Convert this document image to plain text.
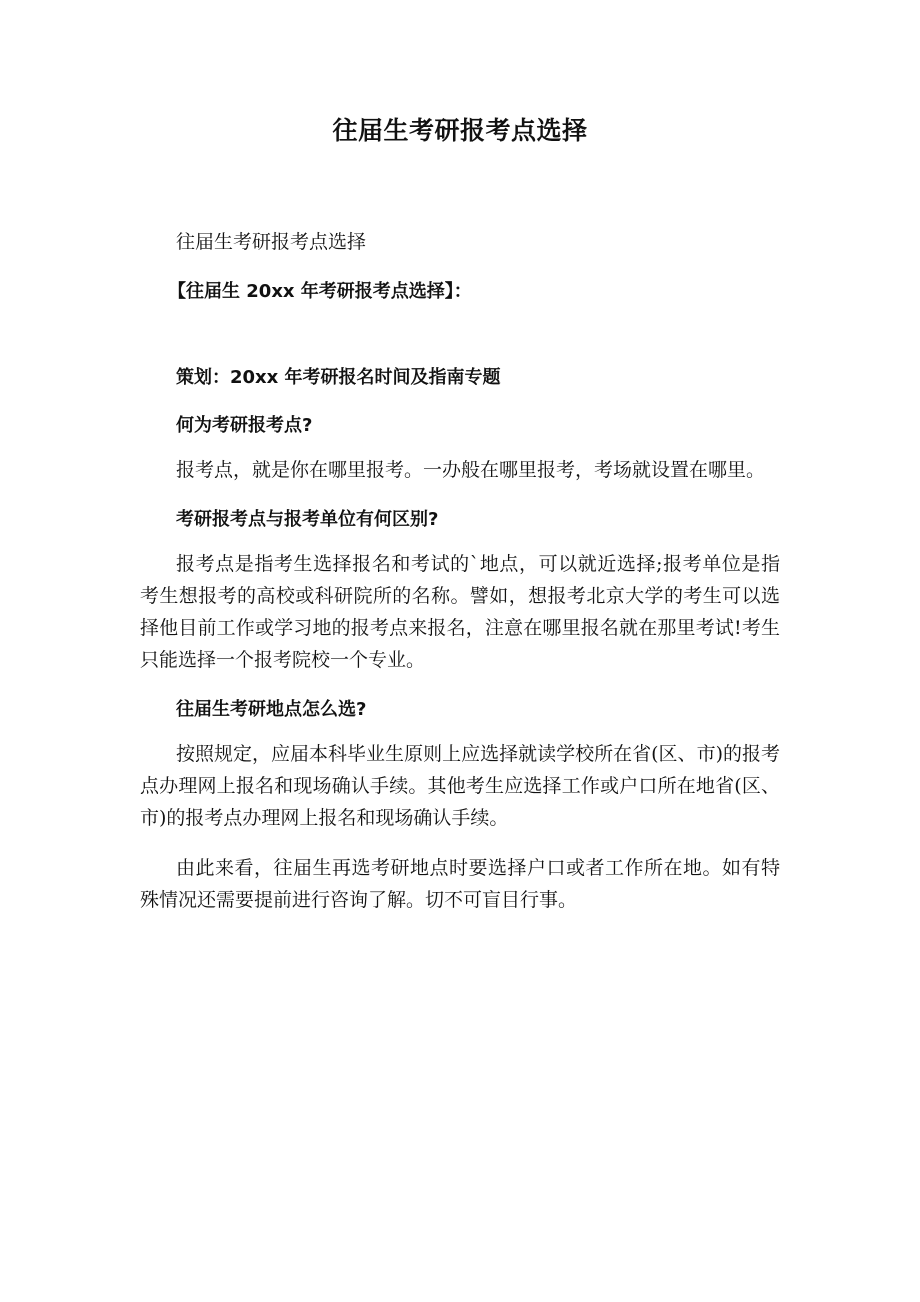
往届生考研报考点选择

往届生考研报考点选择

【往届生 20xx 年考研报考点选择】：

策划：20xx 年考研报名时间及指南专题

何为考研报考点?

报考点，就是你在哪里报考。一办般在哪里报考，考场就设置在哪里。

考研报考点与报考单位有何区别?

报考点是指考生选择报名和考试的`地点，可以就近选择;报考单位是指考生想报考的高校或科研院所的名称。譬如，想报考北京大学的考生可以选择他目前工作或学习地的报考点来报名，注意在哪里报名就在那里考试!考生只能选择一个报考院校一个专业。

往届生考研地点怎么选?

按照规定，应届本科毕业生原则上应选择就读学校所在省(区、市)的报考点办理网上报名和现场确认手续。其他考生应选择工作或户口所在地省(区、市)的报考点办理网上报名和现场确认手续。

由此来看，往届生再选考研地点时要选择户口或者工作所在地。如有特殊情况还需要提前进行咨询了解。切不可盲目行事。
